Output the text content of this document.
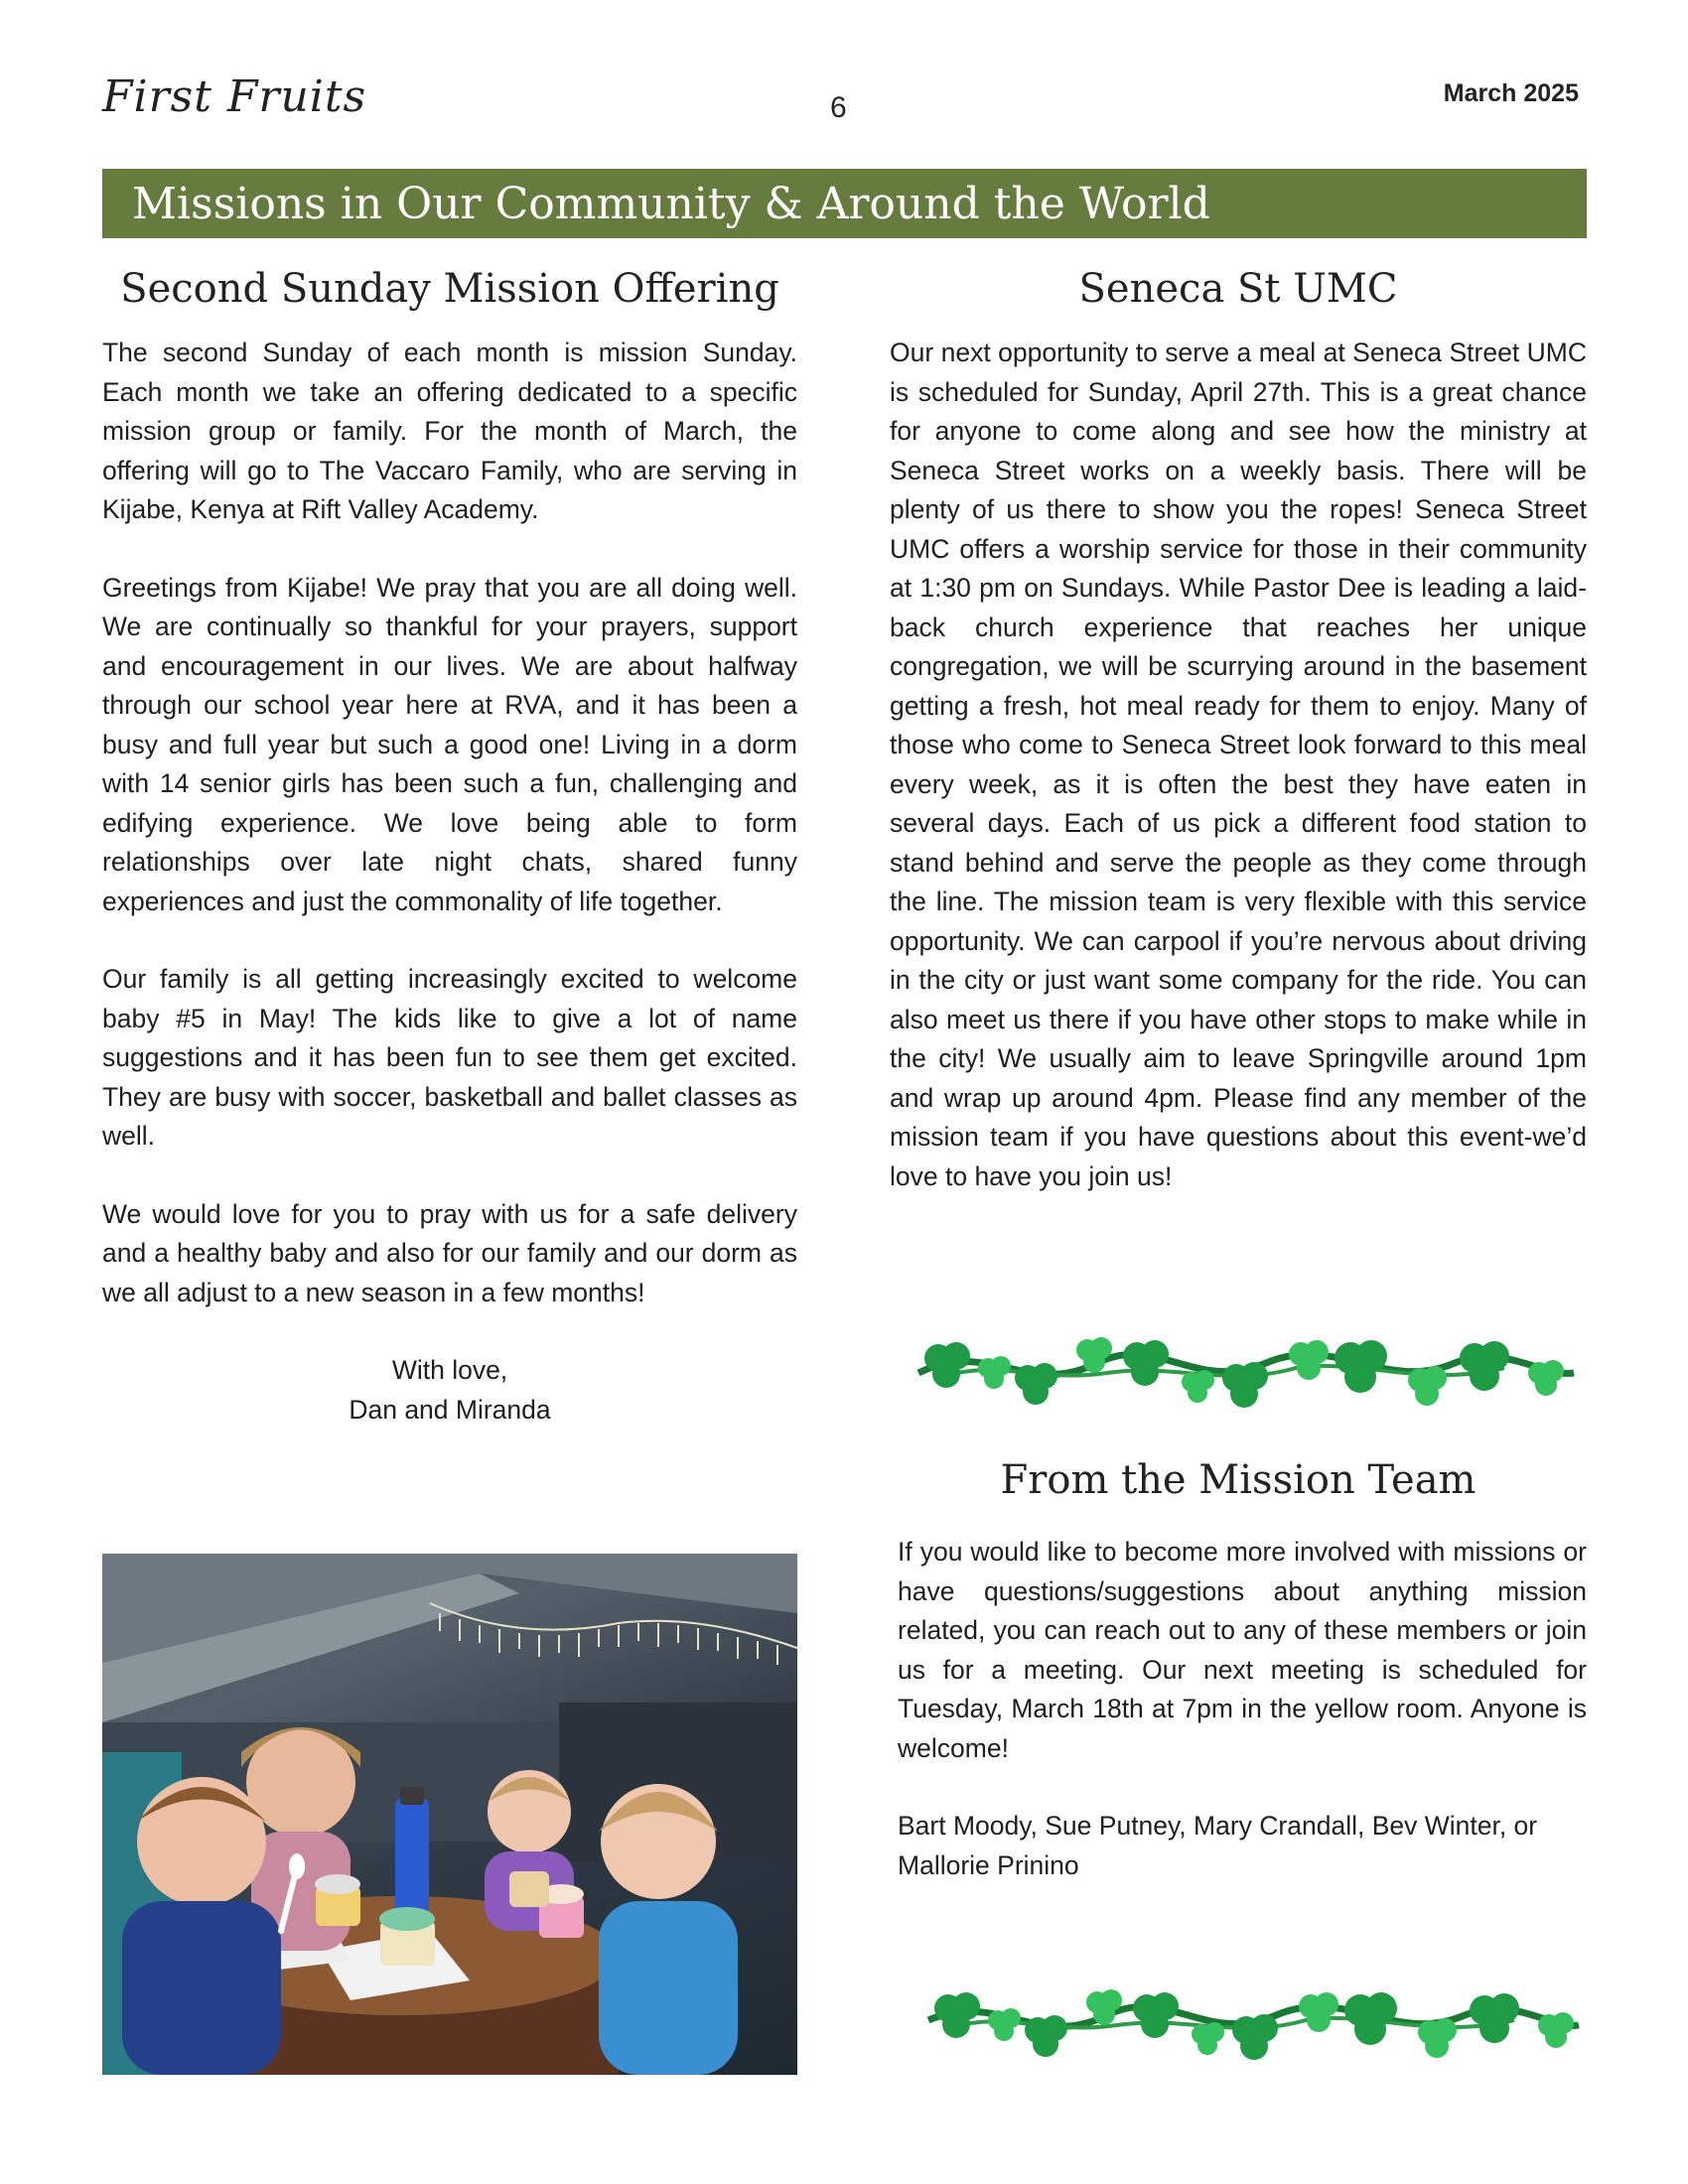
First Fruits	6	March 2025
Missions in Our Community & Around the World
Second Sunday Mission Offering

The second Sunday of each month is mission Sunday. Each month we take an offering dedicated to a specific mission group or family. For the month of March, the offering will go to The Vaccaro Family, who are serving in Kijabe, Kenya at Rift Valley Academy.

Greetings from Kijabe! We pray that you are all doing well. We are continually so thankful for your prayers, support and encouragement in our lives. We are about halfway through our school year here at RVA, and it has been a busy and full year but such a good one! Living in a dorm with 14 senior girls has been such a fun, challenging and edifying experience. We love being able to form relationships over late night chats, shared funny experiences and just the commonality of life together.

Our family is all getting increasingly excited to welcome baby #5 in May! The kids like to give a lot of name suggestions and it has been fun to see them get excited. They are busy with soccer, basketball and ballet classes as well.

We would love for you to pray with us for a safe delivery and a healthy baby and also for our family and our dorm as we all adjust to a new season in a few months!

With love,
Dan and Miranda
Seneca St UMC

Our next opportunity to serve a meal at Seneca Street UMC is scheduled for Sunday, April 27th. This is a great chance for anyone to come along and see how the ministry at Seneca Street works on a weekly basis. There will be plenty of us there to show you the ropes! Seneca Street UMC offers a worship service for those in their community at 1:30 pm on Sundays. While Pastor Dee is leading a laid-back church experience that reaches her unique congregation, we will be scurrying around in the basement getting a fresh, hot meal ready for them to enjoy. Many of those who come to Seneca Street look forward to this meal every week, as it is often the best they have eaten in several days. Each of us pick a different food station to stand behind and serve the people as they come through the line. The mission team is very flexible with this service opportunity. We can carpool if you’re nervous about driving in the city or just want some company for the ride. You can also meet us there if you have other stops to make while in the city! We usually aim to leave Springville around 1pm and wrap up around 4pm. Please find any member of the mission team if you have questions about this event-we’d love to have you join us!

From the Mission Team

If you would like to become more involved with missions or have questions/suggestions about anything mission related, you can reach out to any of these members or join us for a meeting. Our next meeting is scheduled for Tuesday, March 18th at 7pm in the yellow room. Anyone is welcome!

Bart Moody, Sue Putney, Mary Crandall, Bev Winter, or Mallorie Prinino
